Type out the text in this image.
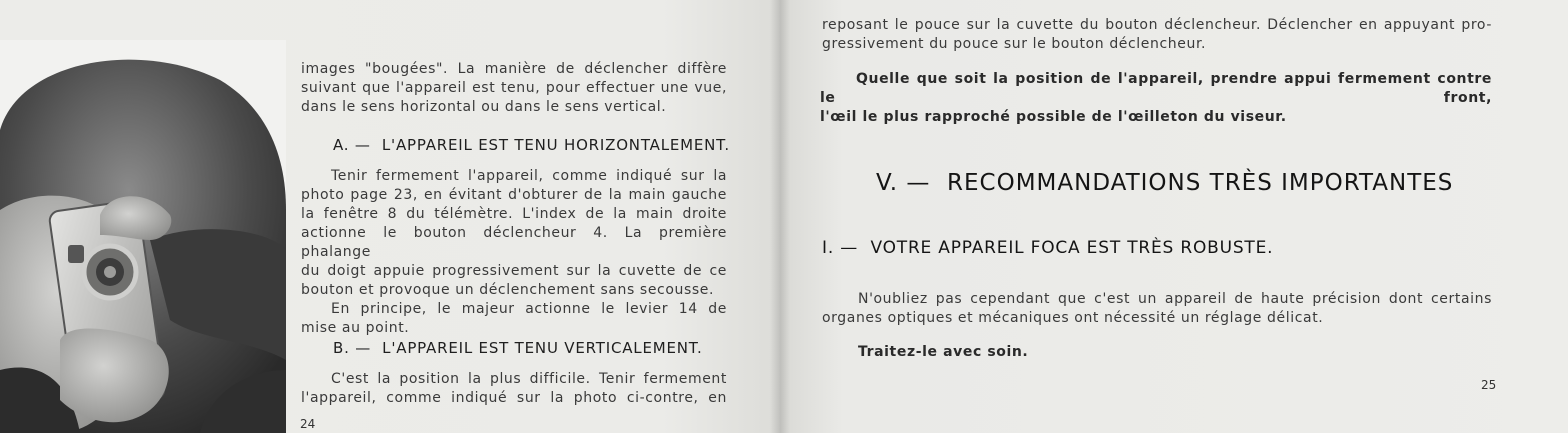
images "bougées". La manière de déclencher diffère
suivant que l'appareil est tenu, pour effectuer une vue,
dans le sens horizontal ou dans le sens vertical.
A. — L'APPAREIL EST TENU HORIZONTALEMENT.
Tenir fermement l'appareil, comme indiqué sur la
photo page 23, en évitant d'obturer de la main gauche
la fenêtre 8 du télémètre. L'index de la main droite
actionne le bouton déclencheur 4. La première phalange
du doigt appuie progressivement sur la cuvette de ce
bouton et provoque un déclenchement sans secousse.
En principe, le majeur actionne le levier 14 de
mise au point.
B. — L'APPAREIL EST TENU VERTICALEMENT.
C'est la position la plus difficile. Tenir fermement
l'appareil, comme indiqué sur la photo ci-contre, en
24
reposant le pouce sur la cuvette du bouton déclencheur. Déclencher en appuyant pro-
gressivement du pouce sur le bouton déclencheur.
Quelle que soit la position de l'appareil, prendre appui fermement contre le front,
l'œil le plus rapproché possible de l'œilleton du viseur.
V. — RECOMMANDATIONS TRÈS IMPORTANTES
I. — VOTRE APPAREIL FOCA EST TRÈS ROBUSTE.
N'oubliez pas cependant que c'est un appareil de haute précision dont certains
organes optiques et mécaniques ont nécessité un réglage délicat.
Traitez-le avec soin.
25
